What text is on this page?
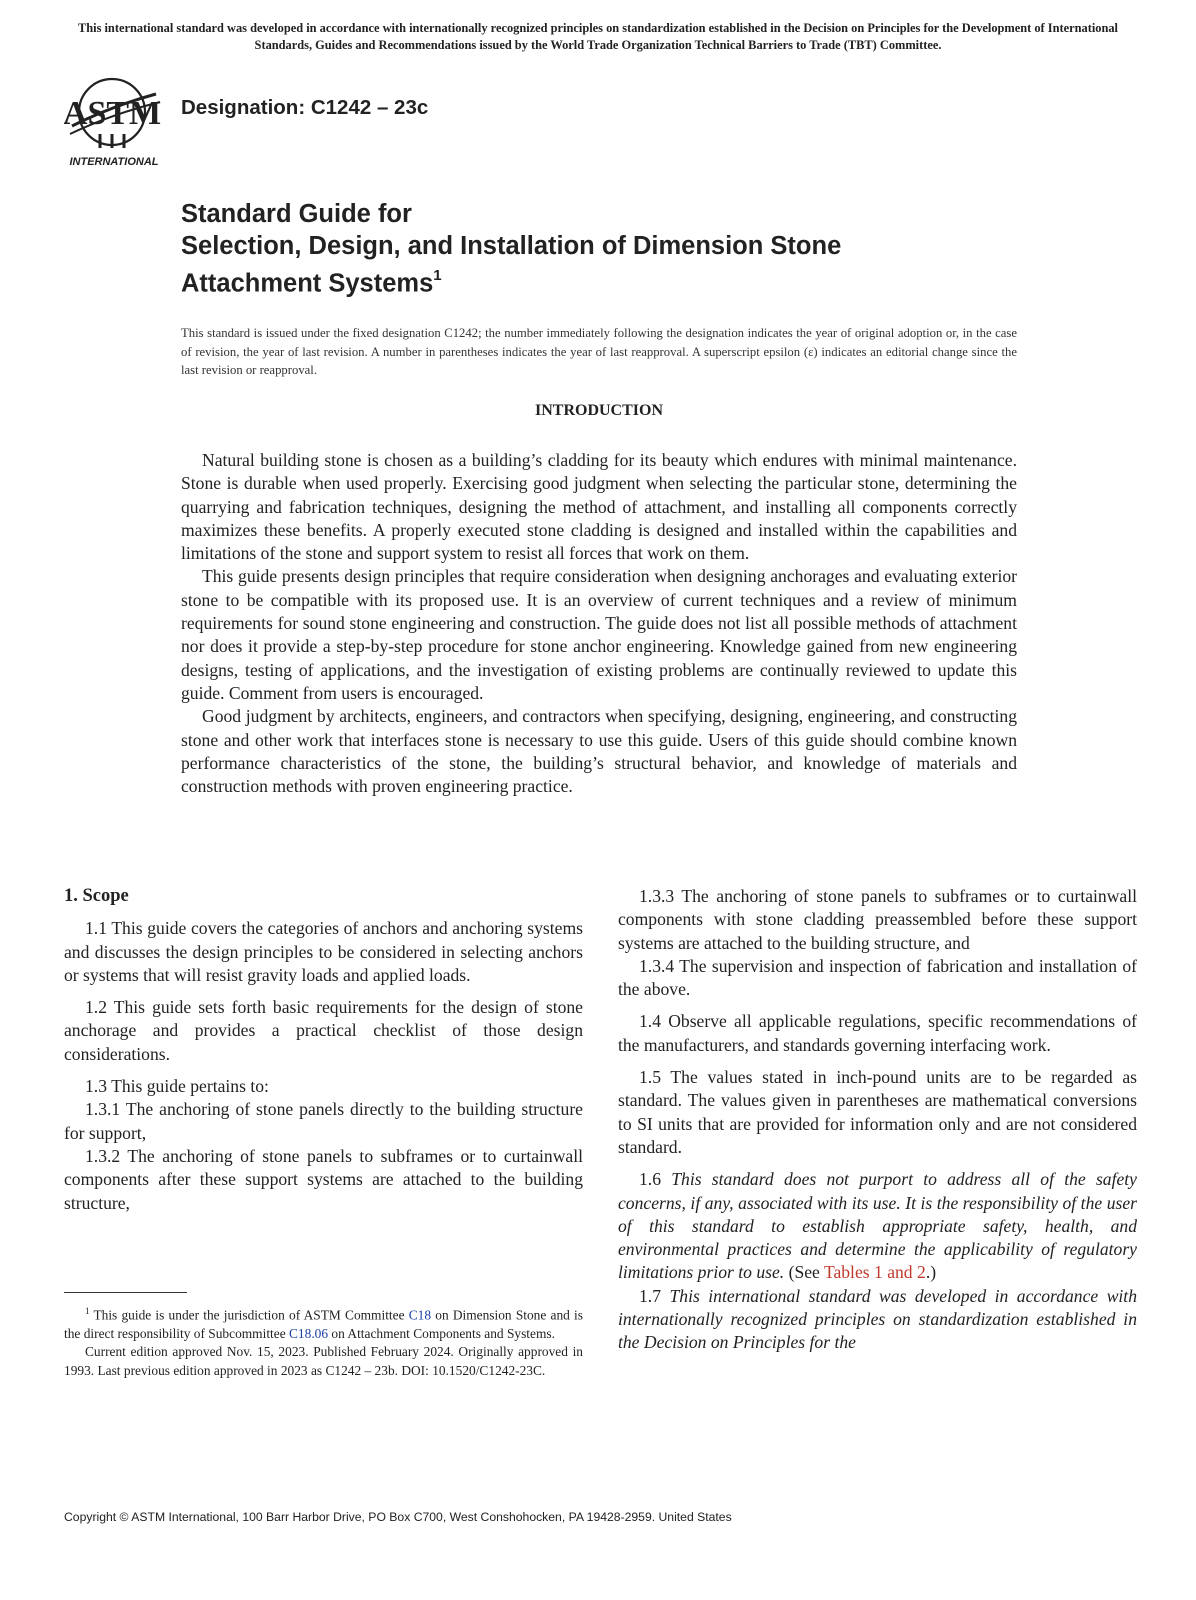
This international standard was developed in accordance with internationally recognized principles on standardization established in the Decision on Principles for the Development of International Standards, Guides and Recommendations issued by the World Trade Organization Technical Barriers to Trade (TBT) Committee.
ASTM
INTERNATIONAL
Designation: C1242 – 23c
Standard Guide for
Selection, Design, and Installation of Dimension Stone
Attachment Systems$^1$
This standard is issued under the fixed designation C1242; the number immediately following the designation indicates the year of original adoption or, in the case of revision, the year of last revision. A number in parentheses indicates the year of last reapproval. A superscript epsilon (ε) indicates an editorial change since the last revision or reapproval.
INTRODUCTION

Natural building stone is chosen as a building’s cladding for its beauty which endures with minimal maintenance. Stone is durable when used properly. Exercising good judgment when selecting the particular stone, determining the quarrying and fabrication techniques, designing the method of attachment, and installing all components correctly maximizes these benefits. A properly executed stone cladding is designed and installed within the capabilities and limitations of the stone and support system to resist all forces that work on them.

This guide presents design principles that require consideration when designing anchorages and evaluating exterior stone to be compatible with its proposed use. It is an overview of current techniques and a review of minimum requirements for sound stone engineering and construction. The guide does not list all possible methods of attachment nor does it provide a step-by-step procedure for stone anchor engineering. Knowledge gained from new engineering designs, testing of applications, and the investigation of existing problems are continually reviewed to update this guide. Comment from users is encouraged.

Good judgment by architects, engineers, and contractors when specifying, designing, engineering, and constructing stone and other work that interfaces stone is necessary to use this guide. Users of this guide should combine known performance characteristics of the stone, the building’s structural behavior, and knowledge of materials and construction methods with proven engineering practice.

1. Scope

1.1 This guide covers the categories of anchors and anchoring systems and discusses the design principles to be considered in selecting anchors or systems that will resist gravity loads and applied loads.

1.2 This guide sets forth basic requirements for the design of stone anchorage and provides a practical checklist of those design considerations.

1.3 This guide pertains to:

1.3.1 The anchoring of stone panels directly to the building structure for support,

1.3.2 The anchoring of stone panels to subframes or to curtainwall components after these support systems are attached to the building structure,

1.3.3 The anchoring of stone panels to subframes or to curtainwall components with stone cladding preassembled before these support systems are attached to the building structure, and

1.3.4 The supervision and inspection of fabrication and installation of the above.

1.4 Observe all applicable regulations, specific recommendations of the manufacturers, and standards governing interfacing work.

1.5 The values stated in inch-pound units are to be regarded as standard. The values given in parentheses are mathematical conversions to SI units that are provided for information only and are not considered standard.

1.6 This standard does not purport to address all of the safety concerns, if any, associated with its use. It is the responsibility of the user of this standard to establish appropriate safety, health, and environmental practices and determine the applicability of regulatory limitations prior to use. (See Tables 1 and 2.)

1.7 This international standard was developed in accordance with internationally recognized principles on standardization established in the Decision on Principles for the

$^1$ This guide is under the jurisdiction of ASTM Committee C18 on Dimension Stone and is the direct responsibility of Subcommittee C18.06 on Attachment Components and Systems.

Current edition approved Nov. 15, 2023. Published February 2024. Originally approved in 1993. Last previous edition approved in 2023 as C1242 – 23b. DOI: 10.1520/C1242-23C.

Copyright © ASTM International, 100 Barr Harbor Drive, PO Box C700, West Conshohocken, PA 19428-2959. United States
